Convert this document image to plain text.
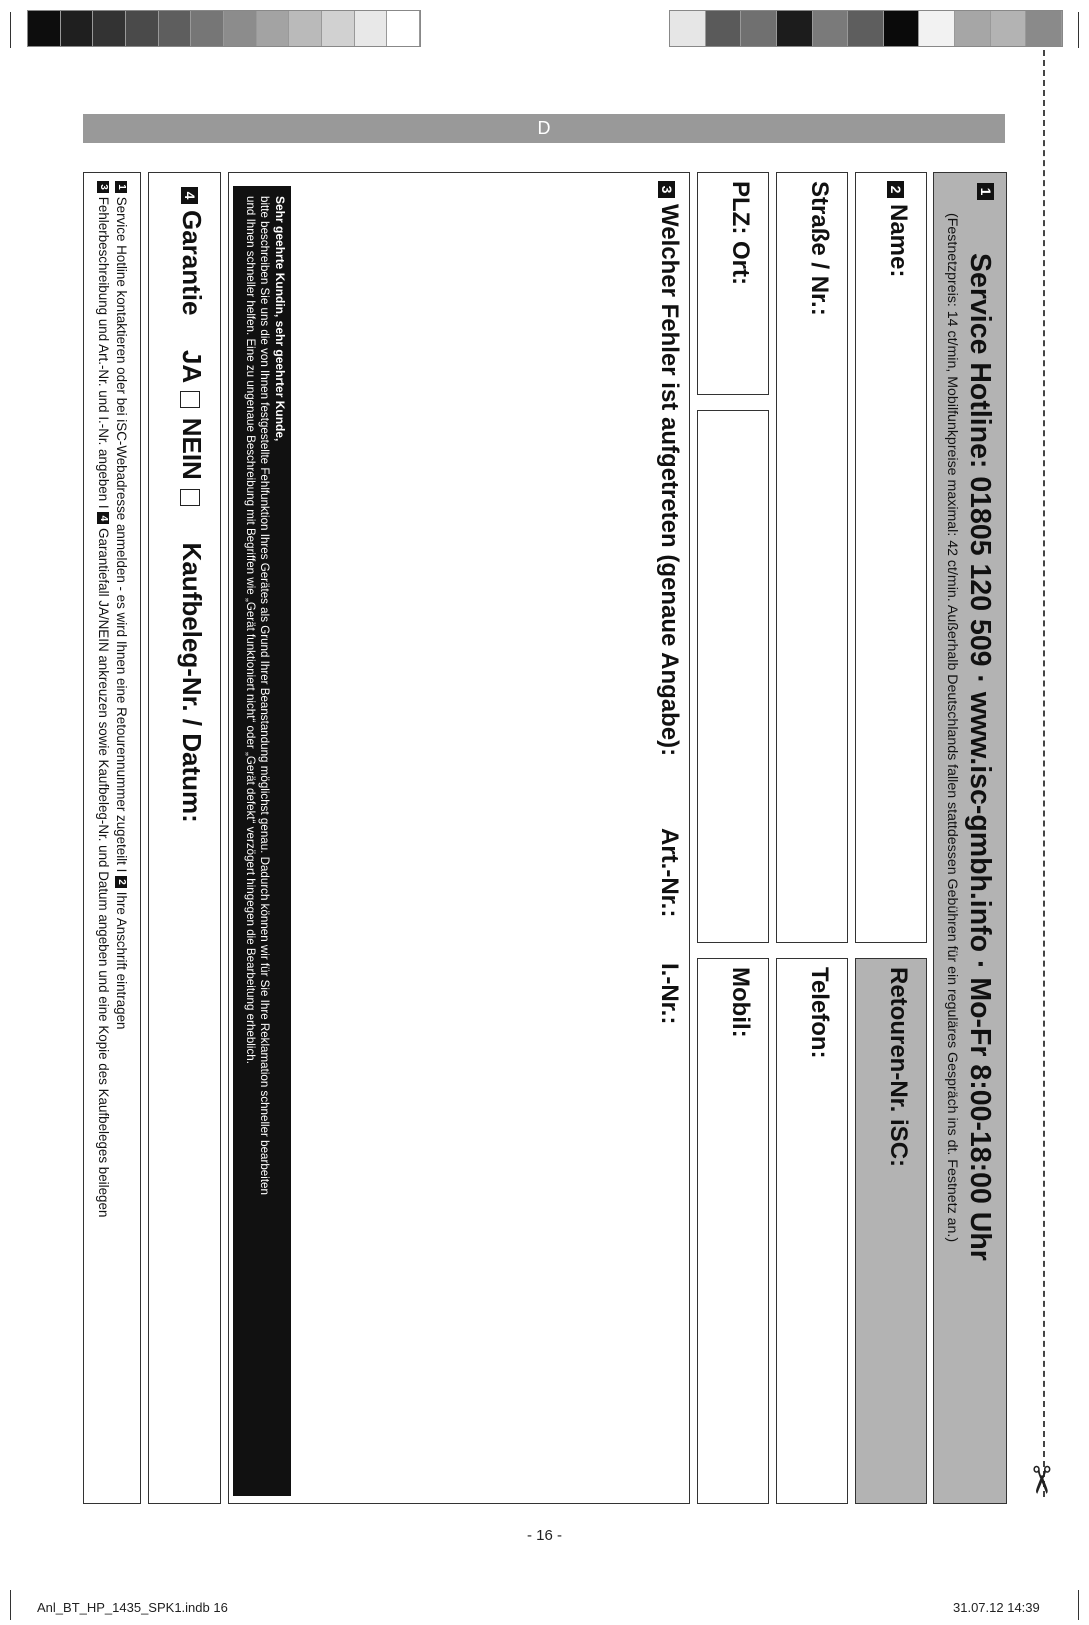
D
✂
1
Service Hotline: 01805 120 509 · www.isc-gmbh.info · Mo-Fr 8:00-18:00 Uhr
(Festnetzpreis: 14 ct/min, Mobilfunkpreise maximal: 42 ct/min. Außerhalb Deutschlands fallen stattdessen Gebühren für ein reguläres Gespräch ins dt. Festnetz an.)
2Name:
Retouren-Nr. iSC:
Straße / Nr.:
Telefon:
PLZ: Ort:
Mobil:
3Welcher Fehler ist aufgetreten (genaue Angabe):
Art.-Nr.:
I.-Nr.:
Sehr geehrte Kundin, sehr geehrter Kunde,
bitte beschreiben Sie uns die von Ihnen festgestellte Fehlfunktion Ihres Gerätes als Grund Ihrer Beanstandung möglichst genau. Dadurch können wir für Sie Ihre Reklamation schneller bearbeiten
und Ihnen schneller helfen. Eine zu ungenaue Beschreibung mit Begriffen wie „Gerät funktioniert nicht“ oder „Gerät defekt“ verzögert hingegen die Bearbeitung erheblich.
4Garantie  JA  NEIN   Kaufbeleg-Nr. / Datum:
1 Service Hotline kontaktieren oder bei iSC-Webadresse anmelden - es wird Ihnen eine Retourennummer zugeteilt I 2 Ihre Anschrift eintragen
3 Fehlerbeschreibung und Art.-Nr. und I.-Nr. angeben I 4 Garantiefall JA/NEIN ankreuzen sowie Kaufbeleg-Nr. und Datum angeben und eine Kopie des Kaufbeleges beilegen
- 16 -
Anl_BT_HP_1435_SPK1.indb 16	31.07.12 14:39
